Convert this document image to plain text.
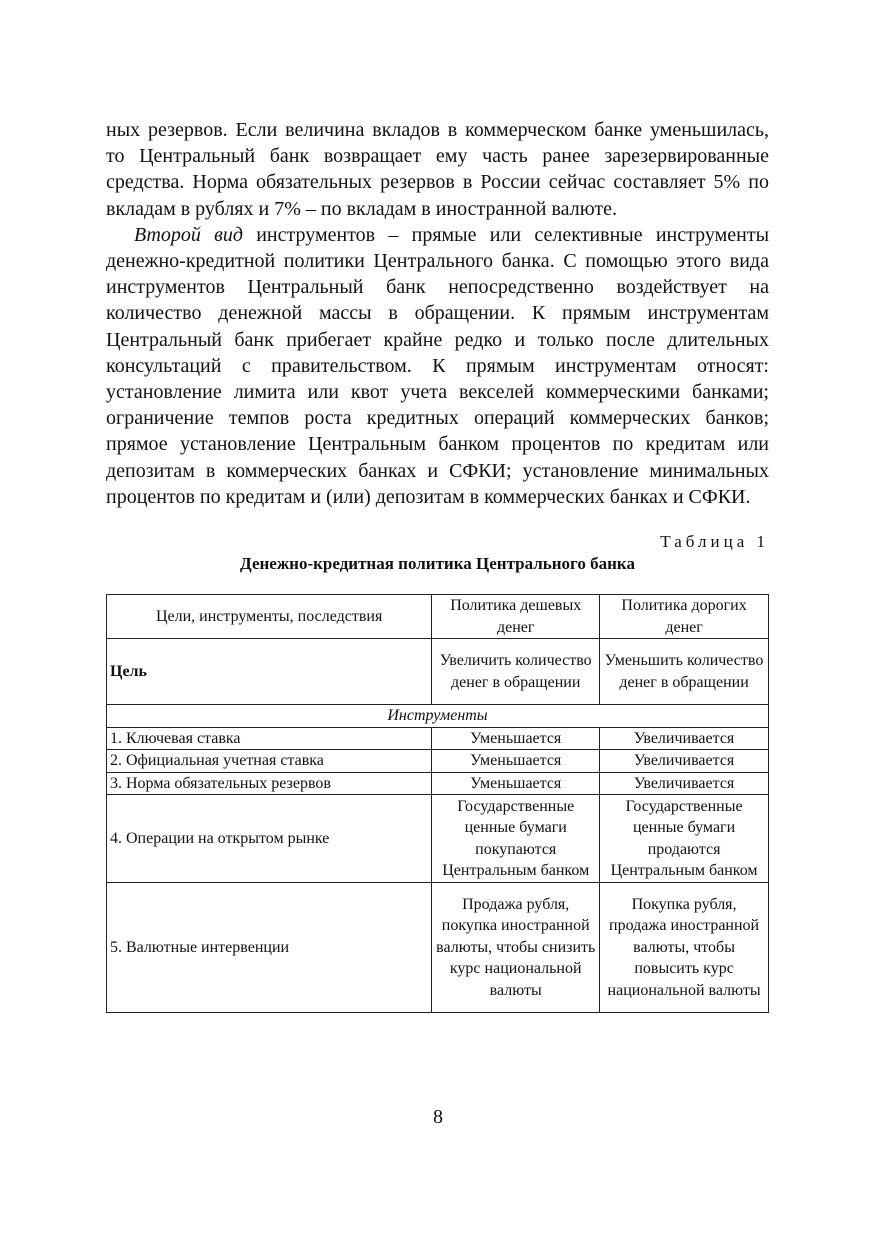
ных резервов. Если величина вкладов в коммерческом банке уменьшилась, то Центральный банк возвращает ему часть ранее зарезервированные средства. Норма обязательных резервов в России сейчас составляет 5% по вкладам в рублях и 7% – по вкладам в иностранной валюте.

Второй вид инструментов – прямые или селективные инструменты денежно-кредитной политики Центрального банка. С помощью этого вида инструментов Центральный банк непосредственно воздействует на количество денежной массы в обращении. К прямым инструментам Центральный банк прибегает крайне редко и только после длительных консультаций с правительством. К прямым инструментам относят: установление лимита или квот учета векселей коммерческими банками; ограничение темпов роста кредитных операций коммерческих банков; прямое установление Центральным банком процентов по кредитам или депозитам в коммерческих банках и СФКИ; установление минимальных процентов по кредитам и (или) депозитам в коммерческих банках и СФКИ.

Таблица 1
Денежно-кредитная политика Центрального банка
Цели, инструменты, последствия	Политика дешевых денег	Политика дорогих денег
Цель	Увеличить количество денег в обращении	Уменьшить количество денег в обращении
Инструменты		
1. Ключевая ставка	Уменьшается	Увеличивается
2. Официальная учетная ставка	Уменьшается	Увеличивается
3. Норма обязательных резервов	Уменьшается	Увеличивается
4. Операции на открытом рынке	Государственные ценные бумаги покупаются Центральным банком	Государственные ценные бумаги продаются Центральным банком
5. Валютные интервенции	Продажа рубля, покупка иностранной валюты, чтобы снизить курс национальной валюты	Покупка рубля, продажа иностранной валюты, чтобы повысить курс национальной валюты
8
